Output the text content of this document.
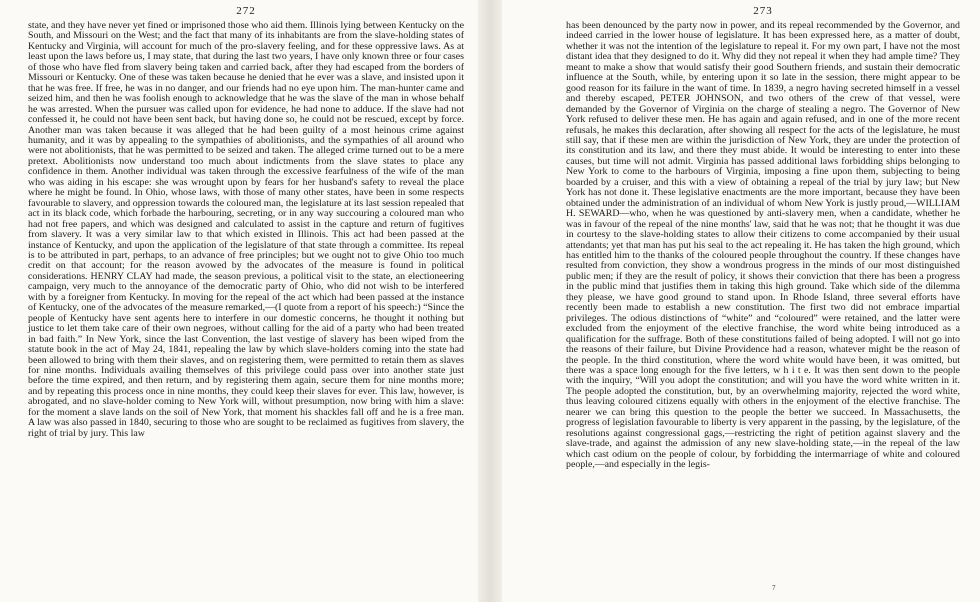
272
state, and they have never yet fined or imprisoned those who aid them. Illinois lying between Kentucky on the South, and Missouri on the West; and the fact that many of its inhabitants are from the slave-holding states of Kentucky and Virginia, will account for much of the pro-slavery feeling, and for these oppressive laws. As at least upon the laws before us, I may state, that during the last two years, I have only known three or four cases of those who have fled from slavery being taken and carried back, after they had escaped from the borders of Missouri or Kentucky. One of these was taken because he denied that he ever was a slave, and insisted upon it that he was free. If free, he was in no danger, and our friends had no eye upon him. The man-hunter came and seized him, and then he was foolish enough to acknowledge that he was the slave of the man in whose behalf he was arrested. When the pursuer was called upon for evidence, he had none to adduce. If the slave had not confessed it, he could not have been sent back, but having done so, he could not be rescued, except by force. Another man was taken because it was alleged that he had been guilty of a most heinous crime against humanity, and it was by appealing to the sympathies of abolitionists, and the sympathies of all around who were not abolitionists, that he was permitted to be seized and taken. The alleged crime turned out to be a mere pretext. Abolitionists now understand too much about indictments from the slave states to place any confidence in them. Another individual was taken through the excessive fearfulness of the wife of the man who was aiding in his escape: she was wrought upon by fears for her husband's safety to reveal the place where he might be found. In Ohio, whose laws, with those of many other states, have been in some respects favourable to slavery, and oppression towards the coloured man, the legislature at its last session repealed that act in its black code, which forbade the harbouring, secreting, or in any way succouring a coloured man who had not free papers, and which was designed and calculated to assist in the capture and return of fugitives from slavery. It was a very similar law to that which existed in Illinois. This act had been passed at the instance of Kentucky, and upon the application of the legislature of that state through a committee. Its repeal is to be attributed in part, perhaps, to an advance of free principles; but we ought not to give Ohio too much credit on that account; for the reason avowed by the advocates of the measure is found in political considerations. HENRY CLAY had made, the season previous, a political visit to the state, an electioneering campaign, very much to the annoyance of the democratic party of Ohio, who did not wish to be interfered with by a foreigner from Kentucky. In moving for the repeal of the act which had been passed at the instance of Kentucky, one of the advocates of the measure remarked,—(I quote from a report of his speech:) “Since the people of Kentucky have sent agents here to interfere in our domestic concerns, he thought it nothing but justice to let them take care of their own negroes, without calling for the aid of a party who had been treated in bad faith.” In New York, since the last Convention, the last vestige of slavery has been wiped from the statute book in the act of May 24, 1841, repealing the law by which slave-holders coming into the state had been allowed to bring with them their slaves, and on registering them, were permitted to retain them as slaves for nine months. Individuals availing themselves of this privilege could pass over into another state just before the time expired, and then return, and by registering them again, secure them for nine months more; and by repeating this process once in nine months, they could keep their slaves for ever. This law, however, is abrogated, and no slave-holder coming to New York will, without presumption, now bring with him a slave: for the moment a slave lands on the soil of New York, that moment his shackles fall off and he is a free man. A law was also passed in 1840, securing to those who are sought to be reclaimed as fugitives from slavery, the right of trial by jury. This law
273
has been denounced by the party now in power, and its repeal recommended by the Governor, and indeed carried in the lower house of legislature. It has been expressed here, as a matter of doubt, whether it was not the intention of the legislature to repeal it. For my own part, I have not the most distant idea that they designed to do it. Why did they not repeal it when they had ample time? They meant to make a show that would satisfy their good Southern friends, and sustain their democratic influence at the South, while, by entering upon it so late in the session, there might appear to be good reason for its failure in the want of time. In 1839, a negro having secreted himself in a vessel and thereby escaped, PETER JOHNSON, and two others of the crew of that vessel, were demanded by the Governor of Virginia on the charge of stealing a negro. The Governor of New York refused to deliver these men. He has again and again refused, and in one of the more recent refusals, he makes this declaration, after showing all respect for the acts of the legislature, he must still say, that if these men are within the jurisdiction of New York, they are under the protection of its constitution and its law, and there they must abide. It would be interesting to enter into these causes, but time will not admit. Virginia has passed additional laws forbidding ships belonging to New York to come to the harbours of Virginia, imposing a fine upon them, subjecting to being boarded by a cruiser, and this with a view of obtaining a repeal of the trial by jury law; but New York has not done it. These legislative enactments are the more important, because they have been obtained under the administration of an individual of whom New York is justly proud,—WILLIAM H. SEWARD—who, when he was questioned by anti-slavery men, when a candidate, whether he was in favour of the repeal of the nine months' law, said that he was not; that he thought it was due in courtesy to the slave-holding states to allow their citizens to come accompanied by their usual attendants; yet that man has put his seal to the act repealing it. He has taken the high ground, which has entitled him to the thanks of the coloured people throughout the country. If these changes have resulted from conviction, they show a wondrous progress in the minds of our most distinguished public men; if they are the result of policy, it shows their conviction that there has been a progress in the public mind that justifies them in taking this high ground. Take which side of the dilemma they please, we have good ground to stand upon. In Rhode Island, three several efforts have recently been made to establish a new constitution. The first two did not embrace impartial privileges. The odious distinctions of “white” and “coloured” were retained, and the latter were excluded from the enjoyment of the elective franchise, the word white being introduced as a qualification for the suffrage. Both of these constitutions failed of being adopted. I will not go into the reasons of their failure, but Divine Providence had a reason, whatever might be the reason of the people. In the third constitution, where the word white would have been, it was omitted, but there was a space long enough for the five letters, w h i t e. It was then sent down to the people with the inquiry, “Will you adopt the constitution; and will you have the word white written in it. The people adopted the constitution, but, by an overwhelming majority, rejected the word white, thus leaving coloured citizens equally with others in the enjoyment of the elective franchise. The nearer we can bring this question to the people the better we succeed. In Massachusetts, the progress of legislation favourable to liberty is very apparent in the passing, by the legislature, of the resolutions against congressional gags,—restricting the right of petition against slavery and the slave-trade, and against the admission of any new slave-holding state,—in the repeal of the law which cast odium on the people of colour, by forbidding the intermarriage of white and coloured people,—and especially in the legis-
7
